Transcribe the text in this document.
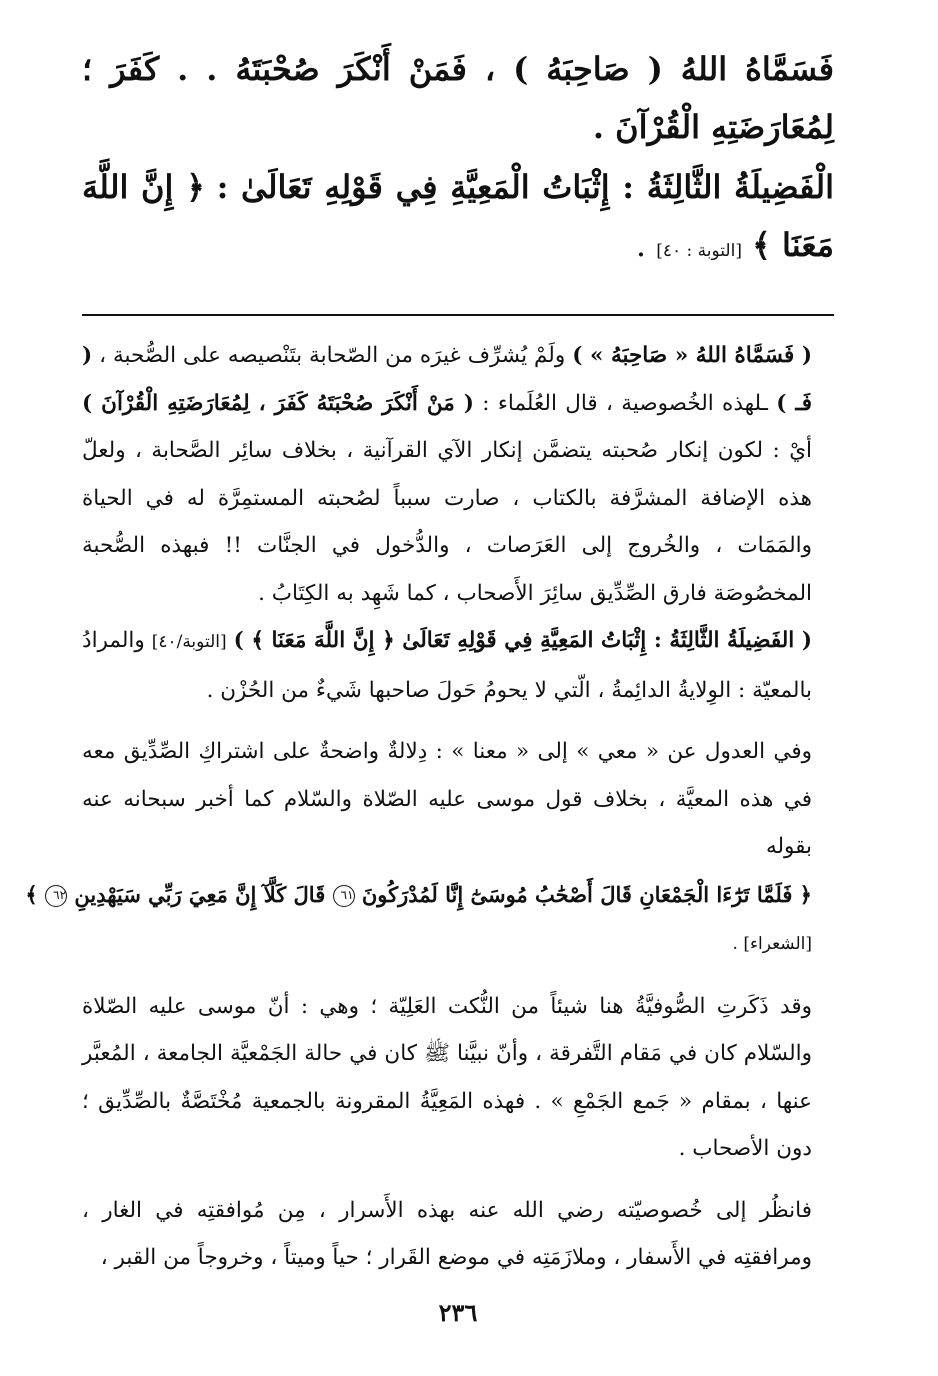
فَسَمَّاهُ اللهُ ( صَاحِبَهُ ) ، فَمَنْ أَنْكَرَ صُحْبَتَهُ . . كَفَرَ ؛ لِمُعَارَضَتِهِ الْقُرْآنَ .

الْفَضِيلَةُ الثَّالِثَةُ : إِثْبَاتُ الْمَعِيَّةِ فِي قَوْلِهِ تَعَالَىٰ : ﴿ إِنَّ اللَّهَ مَعَنَا ﴾ [التوبة : ٤٠] .

( فَسَمَّاهُ اللهُ « صَاحِبَهُ » ) ولَمْ يُشرِّف غيرَه من الصّحابة بتَنْصيصه على الصُّحبة ، ( فَـ ) ـلهذه الخُصوصية ، قال العُلَماء : ( مَنْ أَنْكَرَ صُحْبَتَهُ كَفَرَ ، لِمُعَارَضَتِهِ الْقُرْآنَ ) أيْ : لكون إنكار صُحبته يتضمَّن إنكار الآي القرآنية ، بخلاف سائِر الصَّحابة ، ولعلّ هذه الإضافة المشرَّفة بالكتاب ، صارت سبباً لصُحبته المستمِرَّة له في الحياة والمَمَات ، والخُروج إلى العَرَصات ، والدُّخول في الجنَّات !! فبهذه الصُّحبة المخصُوصَة فارق الصِّدِّيق سائِرَ الأَصحاب ، كما شَهِد به الكِتَابُ .

( الفَضِيلَةُ الثَّالِثَةُ : إِثْبَاتُ المَعِيَّةِ فِي قَوْلِهِ تَعَالَىٰ ﴿ إِنَّ اللَّهَ مَعَنَا ﴾ ) [التوبة/٤٠] والمرادُ بالمعيّة : الوِلايةُ الدائِمةُ ، الّتي لا يحومُ حَولَ صاحبها شَيءٌ من الحُزْن .

وفي العدول عن « معي » إلى « معنا » : دِلالةٌ واضحةٌ على اشتراكِ الصِّدِّيق معه في هذه المعيَّة ، بخلاف قول موسى عليه الصّلاة والسّلام كما أخبر سبحانه عنه بقوله ﴿ فَلَمَّا تَرَٰٓءَا الْجَمْعَانِ قَالَ أَصْحَٰبُ مُوسَىٰٓ إِنَّا لَمُدْرَكُونَ ٦١ قَالَ كَلَّآ إِنَّ مَعِيَ رَبِّي سَيَهْدِينِ ٦٢ ﴾
[الشعراء] .

وقد ذَكَرتِ الصُّوفيَّةُ هنا شيئاً من النُّكت العَلِيّة ؛ وهي : أنّ موسى عليه الصّلاة والسّلام كان في مَقام التَّفرقة ، وأنّ نبيَّنا ﷺ كان في حالة الجَمْعيَّة الجامعة ، المُعبَّر عنها ، بمقام « جَمع الجَمْعِ » . فهذه المَعِيَّةُ المقرونة بالجمعية مُخْتَصَّةٌ بالصِّدِّيق ؛ دون الأصحاب .

فانظُر إلى خُصوصيّته رضي الله عنه بهذه الأَسرار ، مِن مُوافقتِه في الغار ، ومرافقتِه في الأَسفار ، وملازَمَتِه في موضع القَرار ؛ حياً وميتاً ، وخروجاً من القبر ،

٢٣٦
